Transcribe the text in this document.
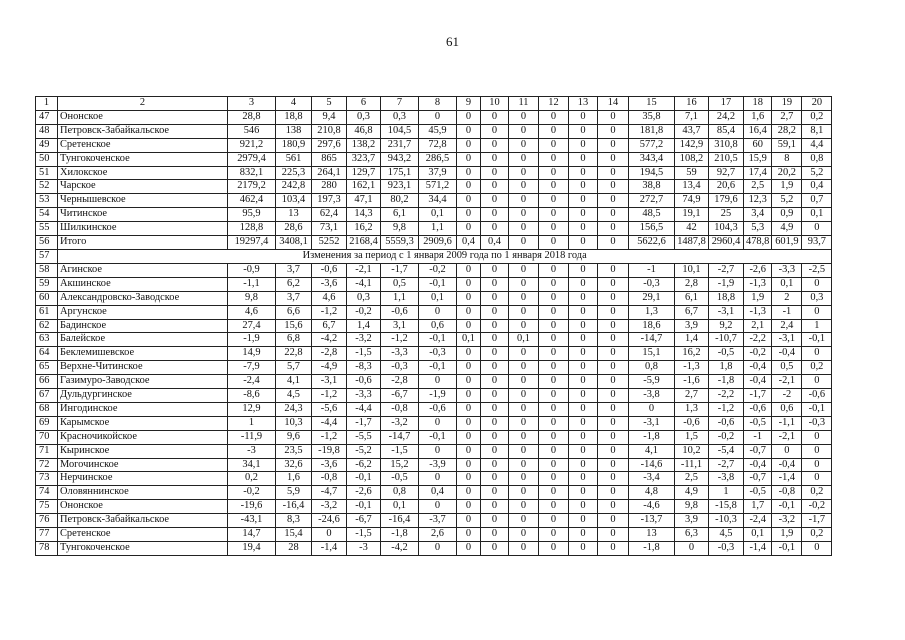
61
1	2	3	4	5	6	7	8	9	10	11	12	13	14	15	16	17	18	19	20
47	Ононское	28,8	18,8	9,4	0,3	0,3	0	0	0	0	0	0	0	35,8	7,1	24,2	1,6	2,7	0,2
48	Петровск-Забайкальское	546	138	210,8	46,8	104,5	45,9	0	0	0	0	0	0	181,8	43,7	85,4	16,4	28,2	8,1
49	Сретенское	921,2	180,9	297,6	138,2	231,7	72,8	0	0	0	0	0	0	577,2	142,9	310,8	60	59,1	4,4
50	Тунгокоченское	2979,4	561	865	323,7	943,2	286,5	0	0	0	0	0	0	343,4	108,2	210,5	15,9	8	0,8
51	Хилокское	832,1	225,3	264,1	129,7	175,1	37,9	0	0	0	0	0	0	194,5	59	92,7	17,4	20,2	5,2
52	Чарское	2179,2	242,8	280	162,1	923,1	571,2	0	0	0	0	0	0	38,8	13,4	20,6	2,5	1,9	0,4
53	Чернышевское	462,4	103,4	197,3	47,1	80,2	34,4	0	0	0	0	0	0	272,7	74,9	179,6	12,3	5,2	0,7
54	Читинское	95,9	13	62,4	14,3	6,1	0,1	0	0	0	0	0	0	48,5	19,1	25	3,4	0,9	0,1
55	Шилкинское	128,8	28,6	73,1	16,2	9,8	1,1	0	0	0	0	0	0	156,5	42	104,3	5,3	4,9	0
56	Итого	19297,4	3408,1	5252	2168,4	5559,3	2909,6	0,4	0,4	0	0	0	0	5622,6	1487,8	2960,4	478,8	601,9	93,7
57	Изменения за период с 1 января 2009 года по 1 января 2018 года																		
58	Агинское	-0,9	3,7	-0,6	-2,1	-1,7	-0,2	0	0	0	0	0	0	-1	10,1	-2,7	-2,6	-3,3	-2,5
59	Акшинское	-1,1	6,2	-3,6	-4,1	0,5	-0,1	0	0	0	0	0	0	-0,3	2,8	-1,9	-1,3	0,1	0
60	Александровско-Заводское	9,8	3,7	4,6	0,3	1,1	0,1	0	0	0	0	0	0	29,1	6,1	18,8	1,9	2	0,3
61	Аргунское	4,6	6,6	-1,2	-0,2	-0,6	0	0	0	0	0	0	0	1,3	6,7	-3,1	-1,3	-1	0
62	Бадинское	27,4	15,6	6,7	1,4	3,1	0,6	0	0	0	0	0	0	18,6	3,9	9,2	2,1	2,4	1
63	Балейское	-1,9	6,8	-4,2	-3,2	-1,2	-0,1	0,1	0	0,1	0	0	0	-14,7	1,4	-10,7	-2,2	-3,1	-0,1
64	Беклемишевское	14,9	22,8	-2,8	-1,5	-3,3	-0,3	0	0	0	0	0	0	15,1	16,2	-0,5	-0,2	-0,4	0
65	Верхне-Читинское	-7,9	5,7	-4,9	-8,3	-0,3	-0,1	0	0	0	0	0	0	0,8	-1,3	1,8	-0,4	0,5	0,2
66	Газимуро-Заводское	-2,4	4,1	-3,1	-0,6	-2,8	0	0	0	0	0	0	0	-5,9	-1,6	-1,8	-0,4	-2,1	0
67	Дульдургинское	-8,6	4,5	-1,2	-3,3	-6,7	-1,9	0	0	0	0	0	0	-3,8	2,7	-2,2	-1,7	-2	-0,6
68	Ингодинское	12,9	24,3	-5,6	-4,4	-0,8	-0,6	0	0	0	0	0	0	0	1,3	-1,2	-0,6	0,6	-0,1
69	Карымское	1	10,3	-4,4	-1,7	-3,2	0	0	0	0	0	0	0	-3,1	-0,6	-0,6	-0,5	-1,1	-0,3
70	Красночикойское	-11,9	9,6	-1,2	-5,5	-14,7	-0,1	0	0	0	0	0	0	-1,8	1,5	-0,2	-1	-2,1	0
71	Кыринское	-3	23,5	-19,8	-5,2	-1,5	0	0	0	0	0	0	0	4,1	10,2	-5,4	-0,7	0	0
72	Могочинское	34,1	32,6	-3,6	-6,2	15,2	-3,9	0	0	0	0	0	0	-14,6	-11,1	-2,7	-0,4	-0,4	0
73	Нерчинское	0,2	1,6	-0,8	-0,1	-0,5	0	0	0	0	0	0	0	-3,4	2,5	-3,8	-0,7	-1,4	0
74	Оловяннинское	-0,2	5,9	-4,7	-2,6	0,8	0,4	0	0	0	0	0	0	4,8	4,9	1	-0,5	-0,8	0,2
75	Ононское	-19,6	-16,4	-3,2	-0,1	0,1	0	0	0	0	0	0	0	-4,6	9,8	-15,8	1,7	-0,1	-0,2
76	Петровск-Забайкальское	-43,1	8,3	-24,6	-6,7	-16,4	-3,7	0	0	0	0	0	0	-13,7	3,9	-10,3	-2,4	-3,2	-1,7
77	Сретенское	14,7	15,4	0	-1,5	-1,8	2,6	0	0	0	0	0	0	13	6,3	4,5	0,1	1,9	0,2
78	Тунгокоченское	19,4	28	-1,4	-3	-4,2	0	0	0	0	0	0	0	-1,8	0	-0,3	-1,4	-0,1	0
